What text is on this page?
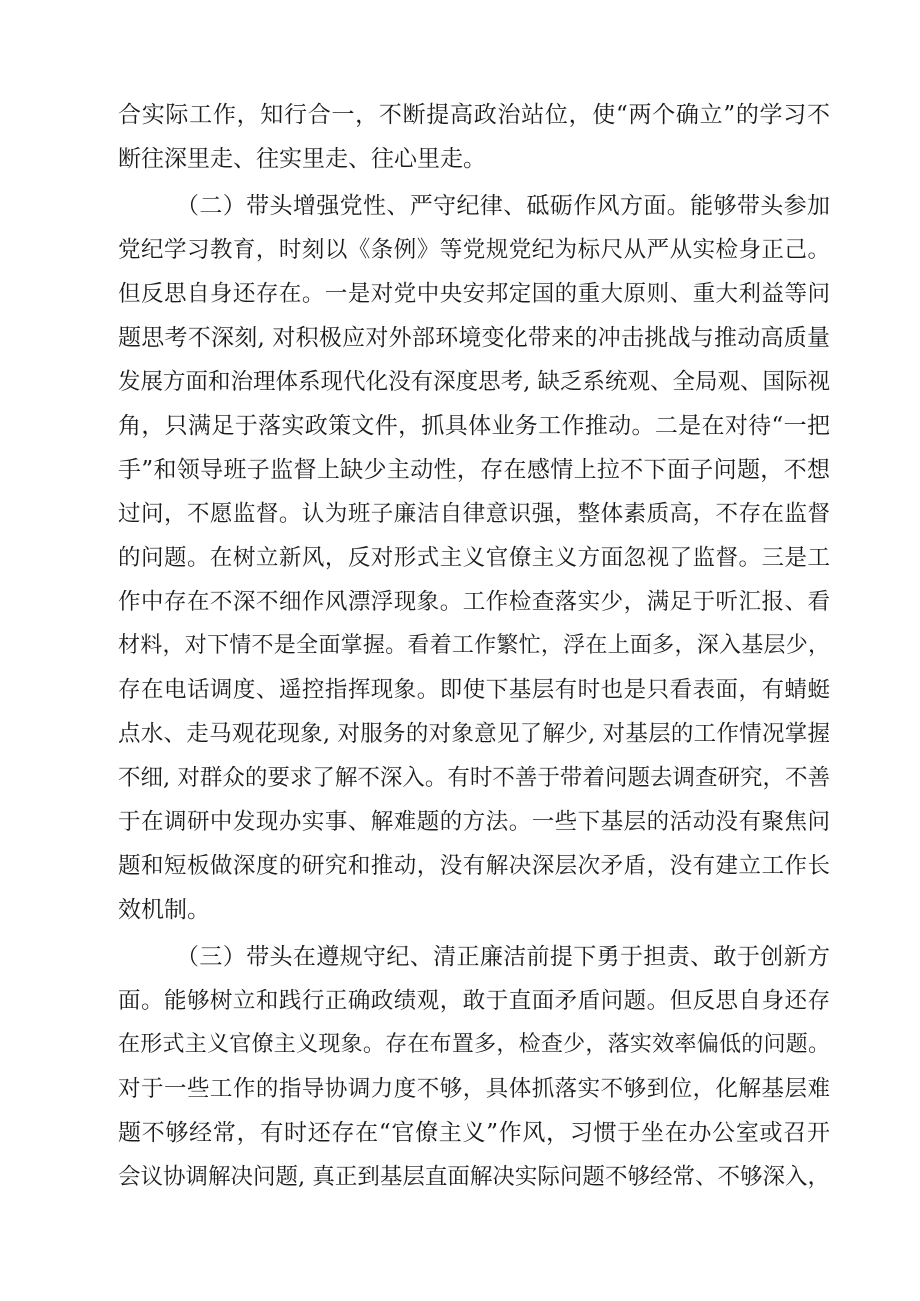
合实际工作，知行合一，不断提高政治站位，使“两个确立”的学习不

断往深里走、往实里走、往心里走。

（二）带头增强党性、严守纪律、砥砺作风方面。能够带头参加

党纪学习教育，时刻以《条例》等党规党纪为标尺从严从实检身正己。

但反思自身还存在。一是对党中央安邦定国的重大原则、重大利益等问

题思考不深刻, 对积极应对外部环境变化带来的冲击挑战与推动高质量

发展方面和治理体系现代化没有深度思考, 缺乏系统观、全局观、国际视

角，只满足于落实政策文件，抓具体业务工作推动。二是在对待“一把

手”和领导班子监督上缺少主动性，存在感情上拉不下面子问题，不想

过问，不愿监督。认为班子廉洁自律意识强，整体素质高，不存在监督

的问题。在树立新风，反对形式主义官僚主义方面忽视了监督。三是工

作中存在不深不细作风漂浮现象。工作检查落实少，满足于听汇报、看

材料，对下情不是全面掌握。看着工作繁忙，浮在上面多，深入基层少，

存在电话调度、遥控指挥现象。即使下基层有时也是只看表面，有蜻蜓

点水、走马观花现象, 对服务的对象意见了解少, 对基层的工作情况掌握

不细, 对群众的要求了解不深入。有时不善于带着问题去调查研究，不善

于在调研中发现办实事、解难题的方法。一些下基层的活动没有聚焦问

题和短板做深度的研究和推动，没有解决深层次矛盾，没有建立工作长

效机制。

（三）带头在遵规守纪、清正廉洁前提下勇于担责、敢于创新方

面。能够树立和践行正确政绩观，敢于直面矛盾问题。但反思自身还存

在形式主义官僚主义现象。存在布置多，检查少，落实效率偏低的问题。

对于一些工作的指导协调力度不够，具体抓落实不够到位，化解基层难

题不够经常，有时还存在“官僚主义”作风，习惯于坐在办公室或召开

会议协调解决问题, 真正到基层直面解决实际问题不够经常、不够深入，
